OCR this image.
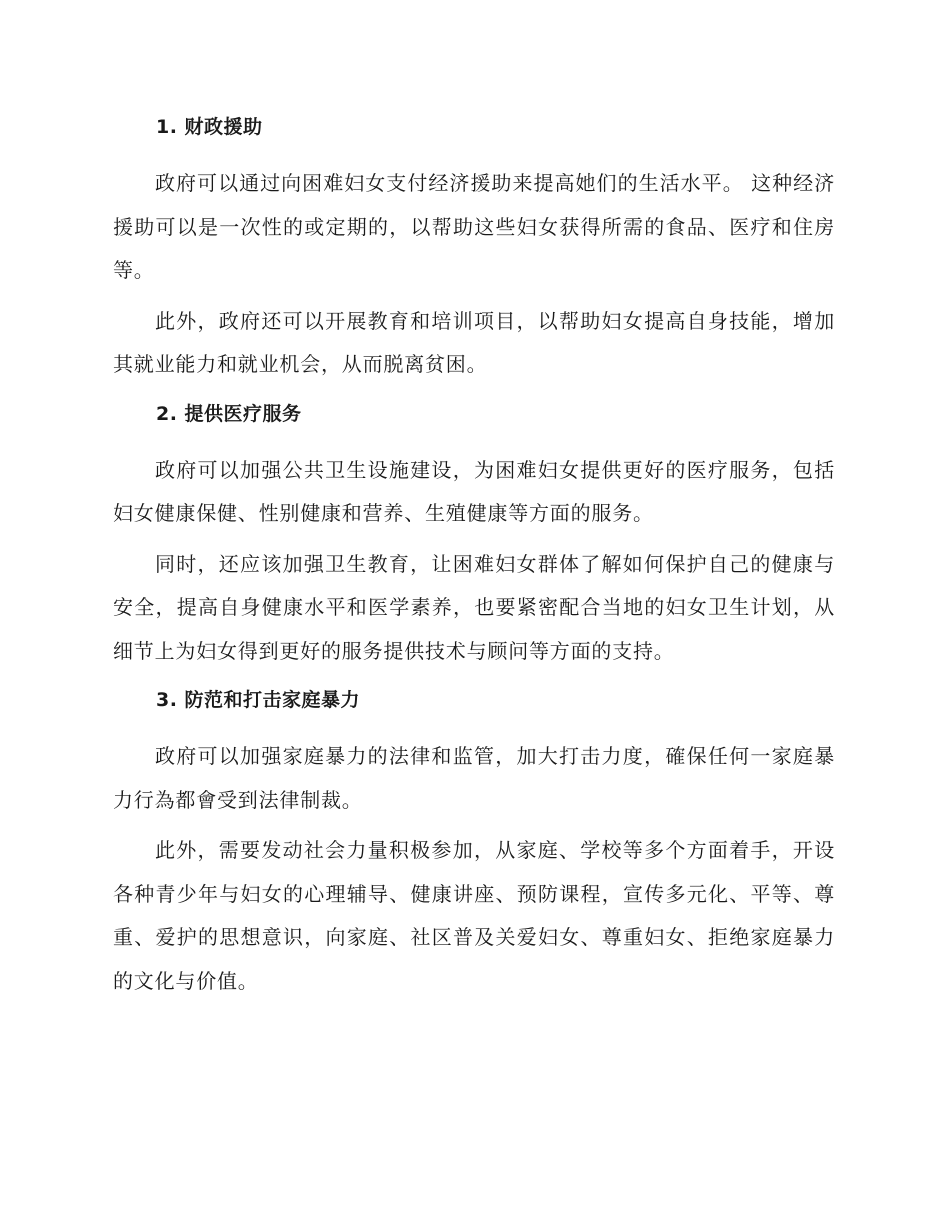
1. 财政援助

政府可以通过向困难妇女支付经济援助来提高她们的生活水平。 这种经济援助可以是一次性的或定期的，以帮助这些妇女获得所需的食品、医疗和住房等。

此外，政府还可以开展教育和培训项目，以帮助妇女提高自身技能，增加其就业能力和就业机会，从而脱离贫困。

2. 提供医疗服务

政府可以加强公共卫生设施建设，为困难妇女提供更好的医疗服务，包括妇女健康保健、性别健康和营养、生殖健康等方面的服务。

同时，还应该加强卫生教育，让困难妇女群体了解如何保护自己的健康与安全，提高自身健康水平和医学素养，也要紧密配合当地的妇女卫生计划，从细节上为妇女得到更好的服务提供技术与顾问等方面的支持。

3. 防范和打击家庭暴力

政府可以加强家庭暴力的法律和监管，加大打击力度，確保任何一家庭暴力行為都會受到法律制裁。

此外，需要发动社会力量积极参加，从家庭、学校等多个方面着手，开设各种青少年与妇女的心理辅导、健康讲座、预防课程，宣传多元化、平等、尊重、爱护的思想意识，向家庭、社区普及关爱妇女、尊重妇女、拒绝家庭暴力的文化与价值。
